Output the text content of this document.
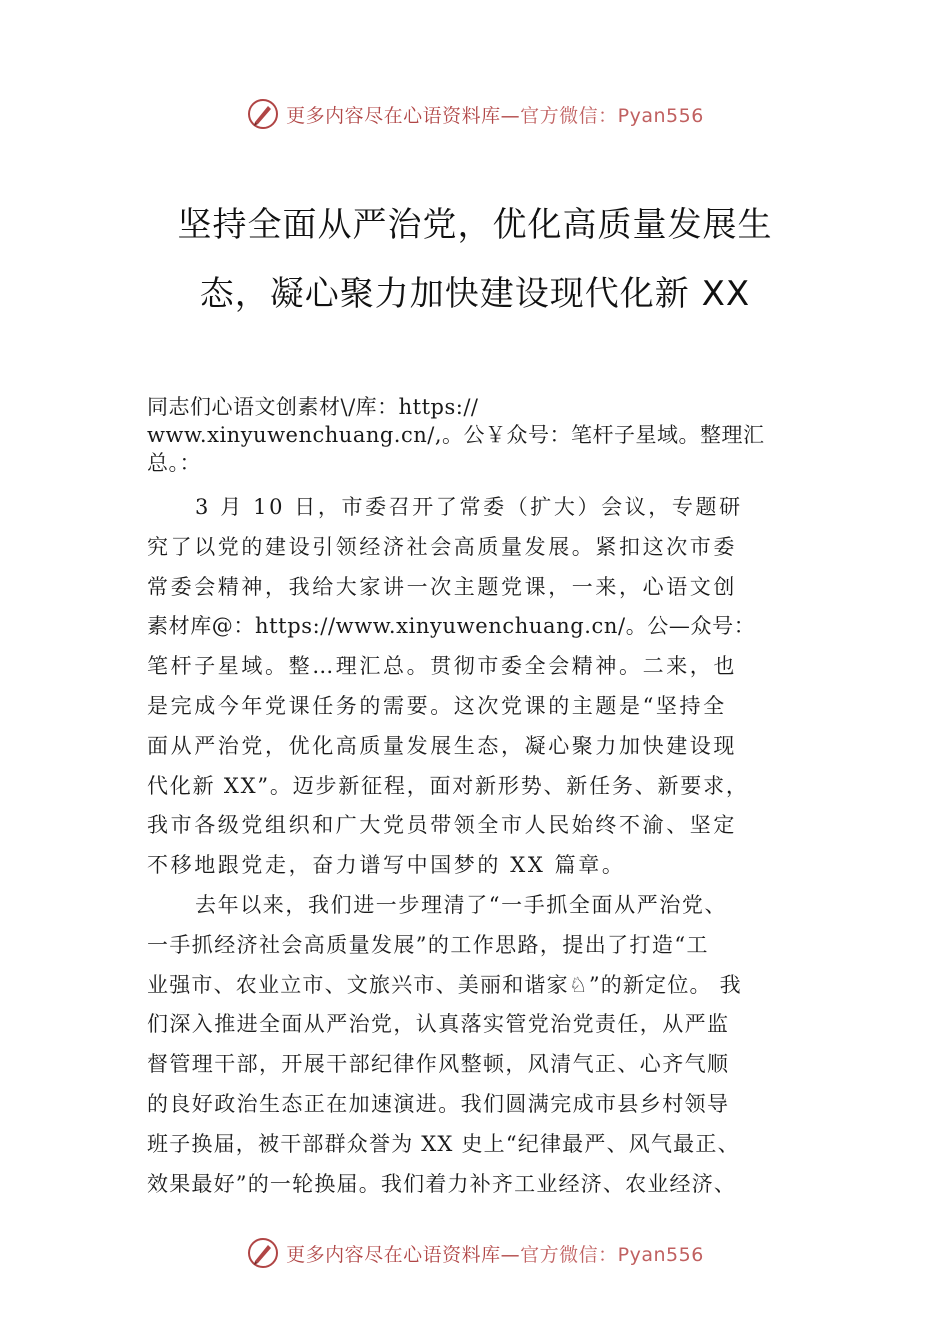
更多内容尽在心语资料库—官方微信：Pyan556
坚持全面从严治党，优化高质量发展生
态，凝心聚力加快建设现代化新 XX
同志们心语文创素材\/库：https://
www.xinyuwenchuang.cn/,。公￥众号：笔杆子星域。整理汇
总。：
3 月 10 日，市委召开了常委（扩大）会议，专题研
究了以党的建设引领经济社会高质量发展。紧扣这次市委
常委会精神，我给大家讲一次主题党课，一来，心语文创
素材库@：https://www.xinyuwenchuang.cn/。公—众号：
笔杆子星域。整…理汇总。贯彻市委全会精神。二来，也
是完成今年党课任务的需要。这次党课的主题是“坚持全
面从严治党，优化高质量发展生态，凝心聚力加快建设现
代化新 XX”。迈步新征程，面对新形势、新任务、新要求，
我市各级党组织和广大党员带领全市人民始终不渝、坚定
不移地跟党走，奋力谱写中国梦的 XX 篇章。
去年以来，我们进一步理清了“一手抓全面从严治党、
一手抓经济社会高质量发展”的工作思路，提出了打造“工
业强市、农业立市、文旅兴市、美丽和谐家♘”的新定位。 我
们深入推进全面从严治党，认真落实管党治党责任，从严监
督管理干部，开展干部纪律作风整顿，风清气正、心齐气顺
的良好政治生态正在加速演进。我们圆满完成市县乡村领导
班子换届，被干部群众誉为 XX 史上“纪律最严、风气最正、
效果最好”的一轮换届。我们着力补齐工业经济、农业经济、
更多内容尽在心语资料库—官方微信：Pyan556
